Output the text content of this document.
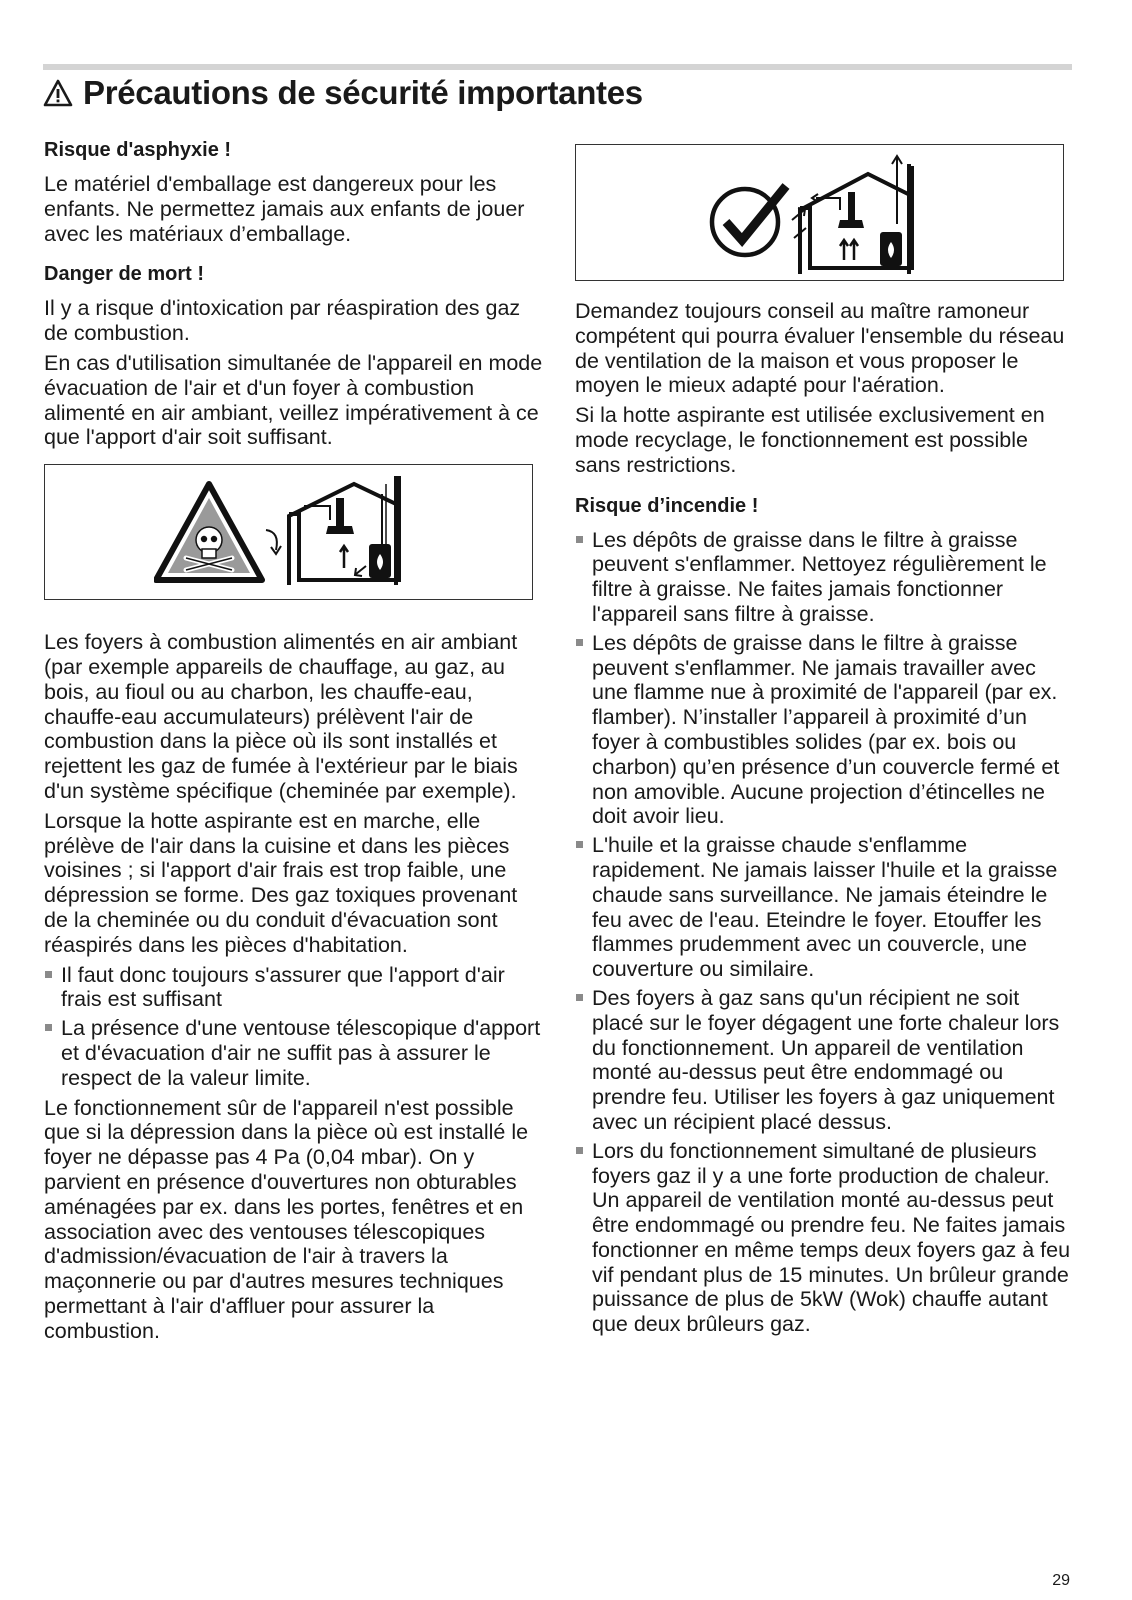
Précautions de sécurité importantes
Risque d'asphyxie !

Le matériel d'emballage est dangereux pour les enfants. Ne permettez jamais aux enfants de jouer avec les matériaux d’emballage.

Danger de mort !

Il y a risque d'intoxication par réaspiration des gaz de combustion.

En cas d'utilisation simultanée de l'appareil en mode évacuation de l'air et d'un foyer à combustion alimenté en air ambiant, veillez impérativement à ce que l'apport d'air soit suffisant.

Les foyers à combustion alimentés en air ambiant (par exemple appareils de chauffage, au gaz, au bois, au fioul ou au charbon, les chauffe-eau, chauffe-eau accumulateurs) prélèvent l'air de combustion dans la pièce où ils sont installés et rejettent les gaz de fumée à l'extérieur par le biais d'un système spécifique (cheminée par exemple).

Lorsque la hotte aspirante est en marche, elle prélève de l'air dans la cuisine et dans les pièces voisines ; si l'apport d'air frais est trop faible, une dépression se forme. Des gaz toxiques provenant de la cheminée ou du conduit d'évacuation sont réaspirés dans les pièces d'habitation.

Il faut donc toujours s'assurer que l'apport d'air frais est suffisant
La présence d'une ventouse télescopique d'apport et d'évacuation d'air ne suffit pas à assurer le respect de la valeur limite.

Le fonctionnement sûr de l'appareil n'est possible que si la dépression dans la pièce où est installé le foyer ne dépasse pas 4 Pa (0,04 mbar). On y parvient en présence d'ouvertures non obturables aménagées par ex. dans les portes, fenêtres et en association avec des ventouses télescopiques d'admission/évacuation de l'air à travers la maçonnerie ou par d'autres mesures techniques permettant à l'air d'affluer pour assurer la combustion.

Demandez toujours conseil au maître ramoneur compétent qui pourra évaluer l'ensemble du réseau de ventilation de la maison et vous proposer le moyen le mieux adapté pour l'aération.

Si la hotte aspirante est utilisée exclusivement en mode recyclage, le fonctionnement est possible sans restrictions.

Risque d’incendie !
Les dépôts de graisse dans le filtre à graisse peuvent s'enflammer. Nettoyez régulièrement le filtre à graisse. Ne faites jamais fonctionner l'appareil sans filtre à graisse.
Les dépôts de graisse dans le filtre à graisse peuvent s'enflammer. Ne jamais travailler avec une flamme nue à proximité de l'appareil (par ex. flamber). N’installer l’appareil à proximité d’un foyer à combustibles solides (par ex. bois ou charbon) qu’en présence d’un couvercle fermé et non amovible. Aucune projection d’étincelles ne doit avoir lieu.
L'huile et la graisse chaude s'enflamme rapidement. Ne jamais laisser l'huile et la graisse chaude sans surveillance. Ne jamais éteindre le feu avec de l'eau. Eteindre le foyer. Etouffer les flammes prudemment avec un couvercle, une couverture ou similaire.
Des foyers à gaz sans qu'un récipient ne soit placé sur le foyer dégagent une forte chaleur lors du fonctionnement. Un appareil de ventilation monté au-dessus peut être endommagé ou prendre feu. Utiliser les foyers à gaz uniquement avec un récipient placé dessus.
Lors du fonctionnement simultané de plusieurs foyers gaz il y a une forte production de chaleur. Un appareil de ventilation monté au-dessus peut être endommagé ou prendre feu. Ne faites jamais fonctionner en même temps deux foyers gaz à feu vif pendant plus de 15 minutes. Un brûleur grande puissance de plus de 5kW (Wok) chauffe autant que deux brûleurs gaz.
29
